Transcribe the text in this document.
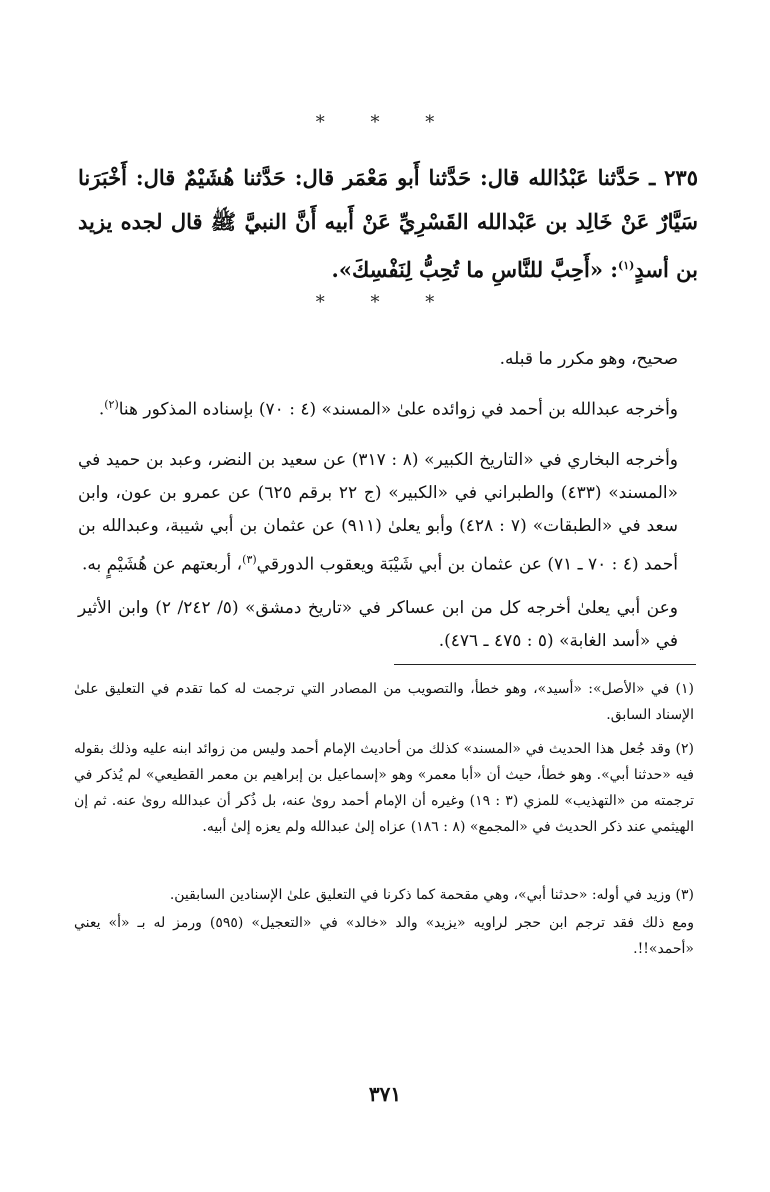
* * *
٢٣٥ ـ حَدَّثنا عَبْدُالله قال: حَدَّثنا أَبو مَعْمَر قال: حَدَّثنا هُشَيْمٌ قال: أَخْبَرَنا سَيَّارٌ عَنْ خَالِد بن عَبْدالله القَسْرِيِّ عَنْ أَبيه أَنَّ النبيَّ ﷺ قال لجده يزيد بن أسدٍ$^{(١)}$: «أَحِبَّ للنَّاسِ ما تُحِبُّ لِنَفْسِكَ».
* * *
صحيح، وهو مكرر ما قبله.
وأخرجه عبدالله بن أحمد في زوائده علىٰ «المسند» (٤ : ٧٠) بإسناده المذكور هنا$^{(٢)}$.
وأخرجه البخاري في «التاريخ الكبير» (٨ : ٣١٧) عن سعيد بن النضر، وعبد بن حميد في «المسند» (٤٣٣) والطبراني في «الكبير» (ج ٢٢ برقم ٦٢٥) عن عمرو بن عون، وابن سعد في «الطبقات» (٧ : ٤٢٨) وأبو يعلىٰ (٩١١) عن عثمان بن أبي شيبة، وعبدالله بن أحمد (٤ : ٧٠ ـ ٧١) عن عثمان بن أبي شَيْبَة ويعقوب الدورقي$^{(٣)}$، أربعتهم عن هُشَيْمٍ به.
وعن أبي يعلىٰ أخرجه كل من ابن عساكر في «تاريخ دمشق» (٥/ ٢٤٢/ ٢) وابن الأثير في «أسد الغابة» (٥ : ٤٧٥ ـ ٤٧٦).
(١) في «الأصل»: «أسيد»، وهو خطأ، والتصويب من المصادر التي ترجمت له كما تقدم في التعليق علىٰ الإسناد السابق.
(٢) وقد جُعل هذا الحديث في «المسند» كذلك من أحاديث الإمام أحمد وليس من زوائد ابنه عليه وذلك بقوله فيه «حدثنا أبي». وهو خطأ، حيث أن «أبا معمر» وهو «إسماعيل بن إبراهيم بن معمر القطيعي» لم يُذكر في ترجمته من «التهذيب» للمزي (٣ : ١٩) وغيره أن الإمام أحمد روىٰ عنه، بل ذُكر أن عبدالله روىٰ عنه. ثم إن الهيثمي عند ذكر الحديث في «المجمع» (٨ : ١٨٦) عزاه إلىٰ عبدالله ولم يعزه إلىٰ أبيه.
(٣) وزيد في أوله: «حدثنا أبي»، وهي مقحمة كما ذكرنا في التعليق علىٰ الإسنادين السابقين.
ومع ذلك فقد ترجم ابن حجر لراويه «يزيد» والد «خالد» في «التعجيل» (٥٩٥) ورمز له بـ «أ» يعني «أحمد»!!.
٣٧١
